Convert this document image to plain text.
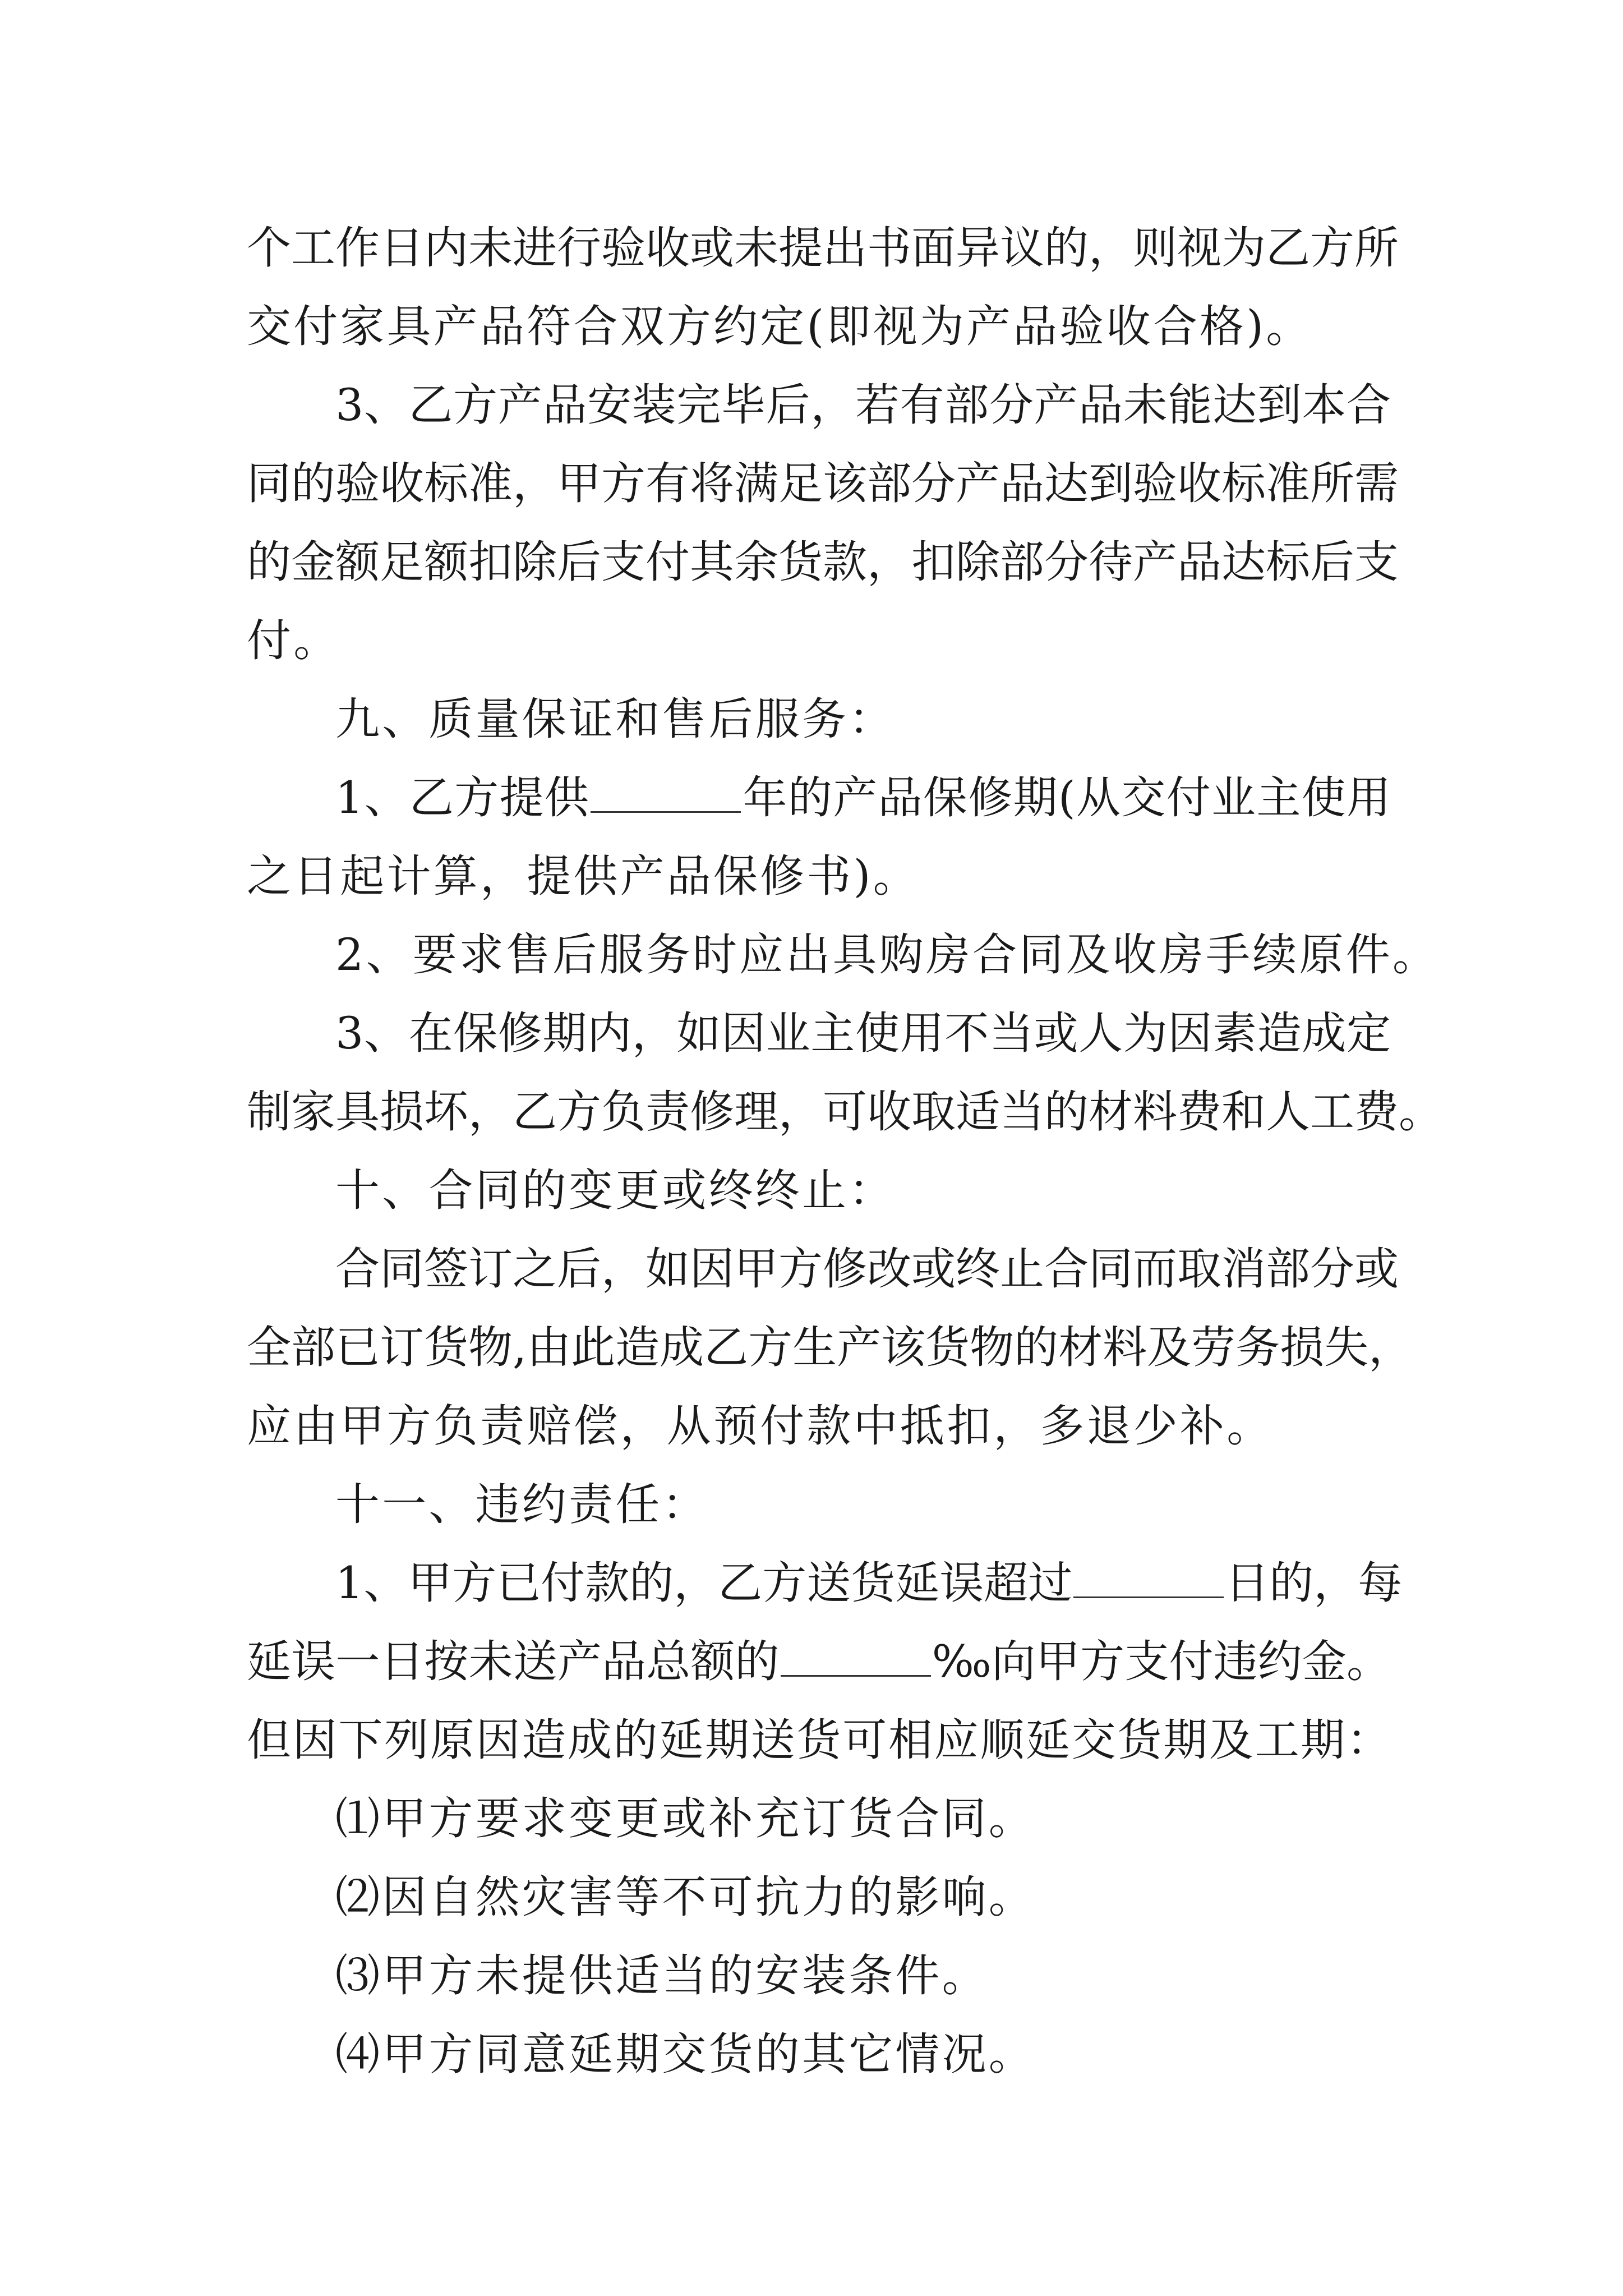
个工作日内未进行验收或未提出书面异议的，则视为乙方所
交付家具产品符合双方约定(即视为产品验收合格)。
3、乙方产品安装完毕后，若有部分产品未能达到本合
同的验收标准，甲方有将满足该部分产品达到验收标准所需
的金额足额扣除后支付其余货款，扣除部分待产品达标后支
付。
九、质量保证和售后服务：
1、乙方提供	年的产品保修期(从交付业主使用
之日起计算，提供产品保修书)。
2、要求售后服务时应出具购房合同及收房手续原件。
3、在保修期内，如因业主使用不当或人为因素造成定
制家具损坏，乙方负责修理，可收取适当的材料费和人工费。
十、合同的变更或终终止：
合同签订之后，如因甲方修改或终止合同而取消部分或
全部已订货物,由此造成乙方生产该货物的材料及劳务损失，
应由甲方负责赔偿，从预付款中抵扣，多退少补。
十一、违约责任：
1、甲方已付款的，乙方送货延误超过	日的，每
延误一日按未送产品总额的	‰向甲方支付违约金。
但因下列原因造成的延期送货可相应顺延交货期及工期：
⑴甲方要求变更或补充订货合同。
⑵因自然灾害等不可抗力的影响。
⑶甲方未提供适当的安装条件。
⑷甲方同意延期交货的其它情况。
